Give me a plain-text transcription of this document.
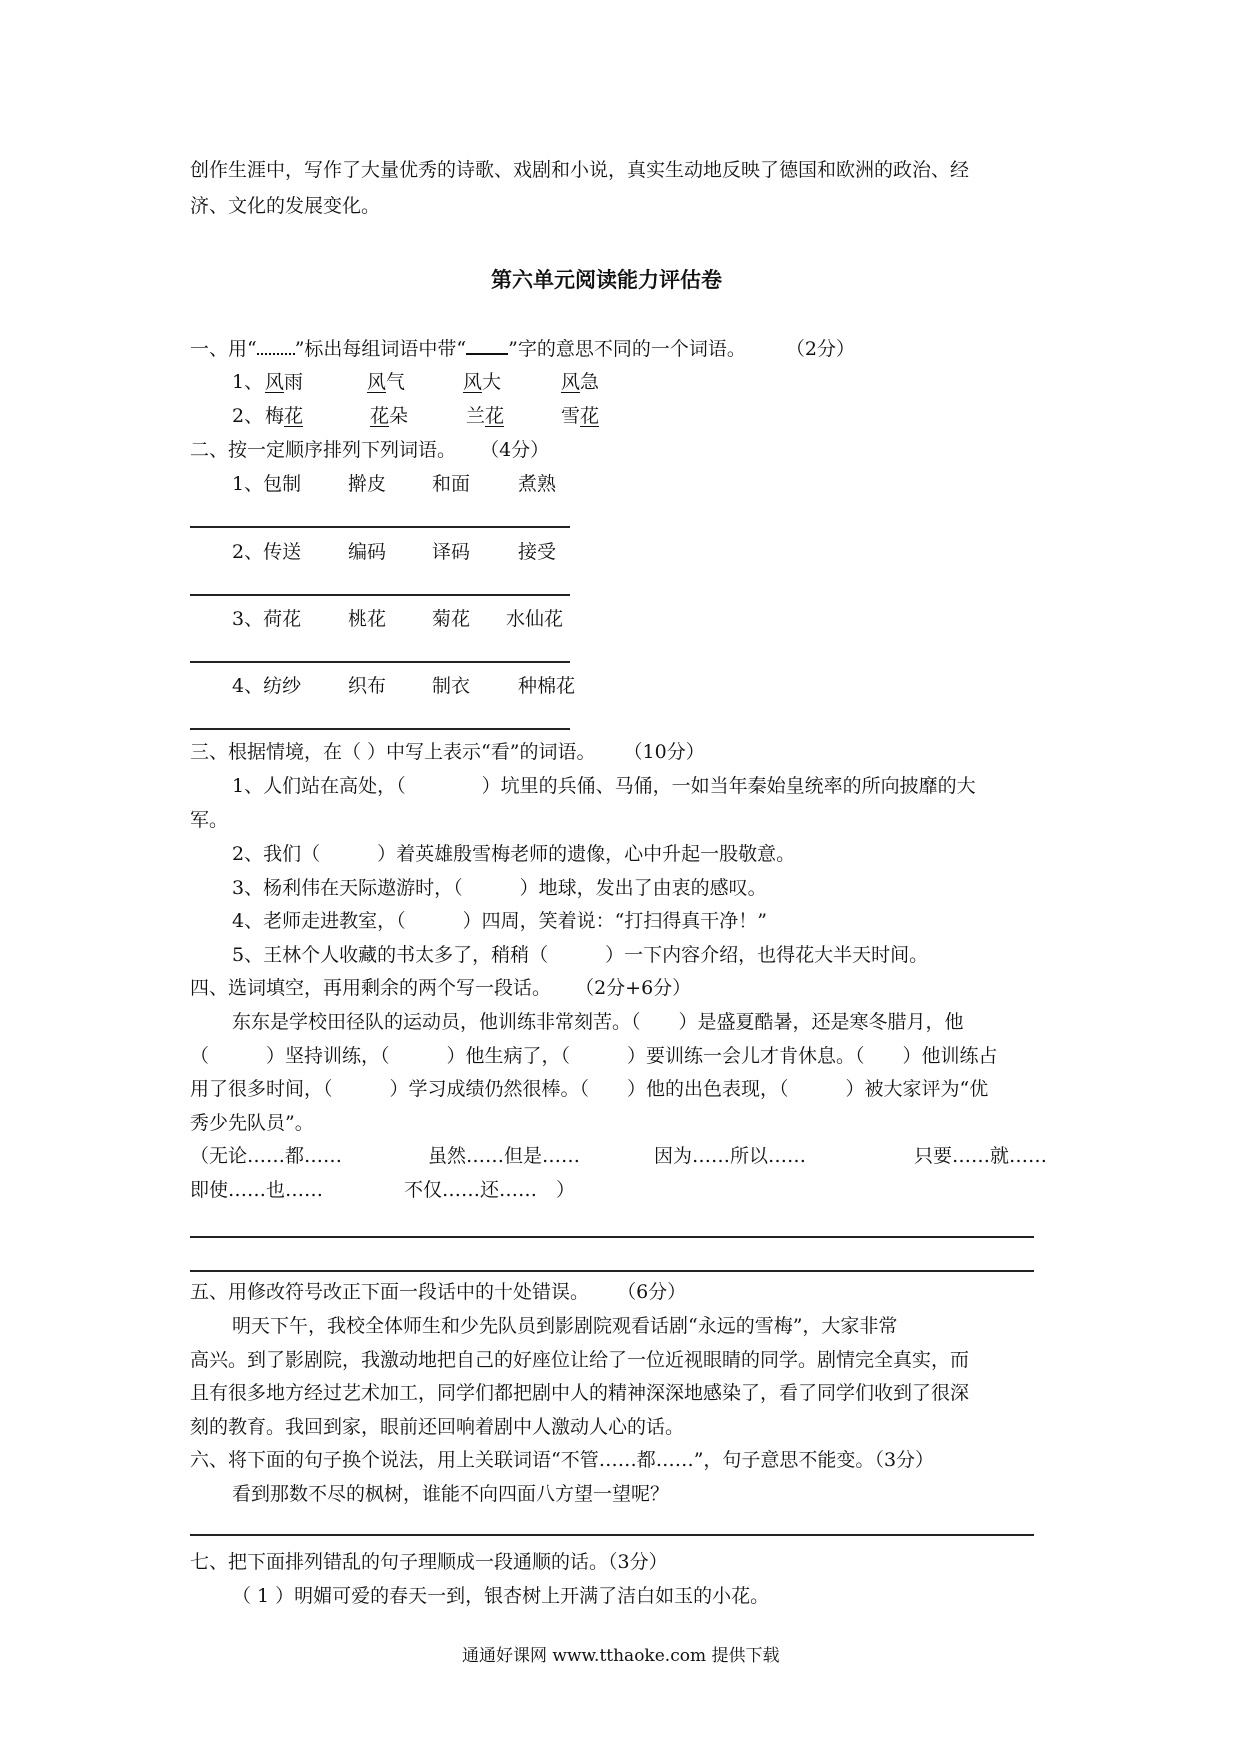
创作生涯中，写作了大量优秀的诗歌、戏剧和小说，真实生动地反映了德国和欧洲的政治、经
济、文化的发展变化。
第六单元阅读能力评估卷
一、用“ ”标出每组词语中带“ ”字的意思不同的一个词语。 （2分）
1、 风雨	风气	风大	风急
2、 梅花	花朵	兰花	雪花
二、按一定顺序排列下列词语。 （4分）
1、包制 擀皮 和面	煮熟
2、传送 编码 译码	接受
3、荷花 桃花 菊花 水仙花
4、纺纱 织布 制衣	种棉花
三、根据情境，在（ ）中写上表示“看”的词语。 （10分）
1、人们站在高处，（　　　　）坑里的兵俑、马俑，一如当年秦始皇统率的所向披靡的大
军。
2、我们（　　　）着英雄殷雪梅老师的遗像，心中升起一股敬意。
3、杨利伟在天际遨游时，（　　　）地球，发出了由衷的感叹。
4、老师走进教室，（　　　）四周，笑着说：“打扫得真干净！”
5、王林个人收藏的书太多了，稍稍（　　　）一下内容介绍，也得花大半天时间。
四、选词填空，再用剩余的两个写一段话。 （2分+6分）
东东是学校田径队的运动员，他训练非常刻苦。（　　）是盛夏酷暑，还是寒冬腊月，他
（　　　）坚持训练，（　　　）他生病了，（　　　）要训练一会儿才肯休息。（　　）他训练占
用了很多时间，（　　　）学习成绩仍然很棒。（　　）他的出色表现，（　　　）被大家评为“优
秀少先队员”。
（无论……都……	虽然……但是……	因为……所以……	只要……就……
即使……也……	不仅……还……　）
五、用修改符号改正下面一段话中的十处错误。 （6分）
明天下午，我校全体师生和少先队员到影剧院观看话剧“永远的雪梅”，大家非常
高兴。到了影剧院，我激动地把自己的好座位让给了一位近视眼睛的同学。剧情完全真实，而
且有很多地方经过艺术加工，同学们都把剧中人的精神深深地感染了，看了同学们收到了很深
刻的教育。我回到家，眼前还回响着剧中人激动人心的话。
六、将下面的句子换个说法，用上关联词语“不管……都……”，句子意思不能变。（3分）
看到那数不尽的枫树，谁能不向四面八方望一望呢？
七、把下面排列错乱的句子理顺成一段通顺的话。（3分）
（ 1 ）明媚可爱的春天一到，银杏树上开满了洁白如玉的小花。
通通好课网 www.tthaoke.com 提供下载
